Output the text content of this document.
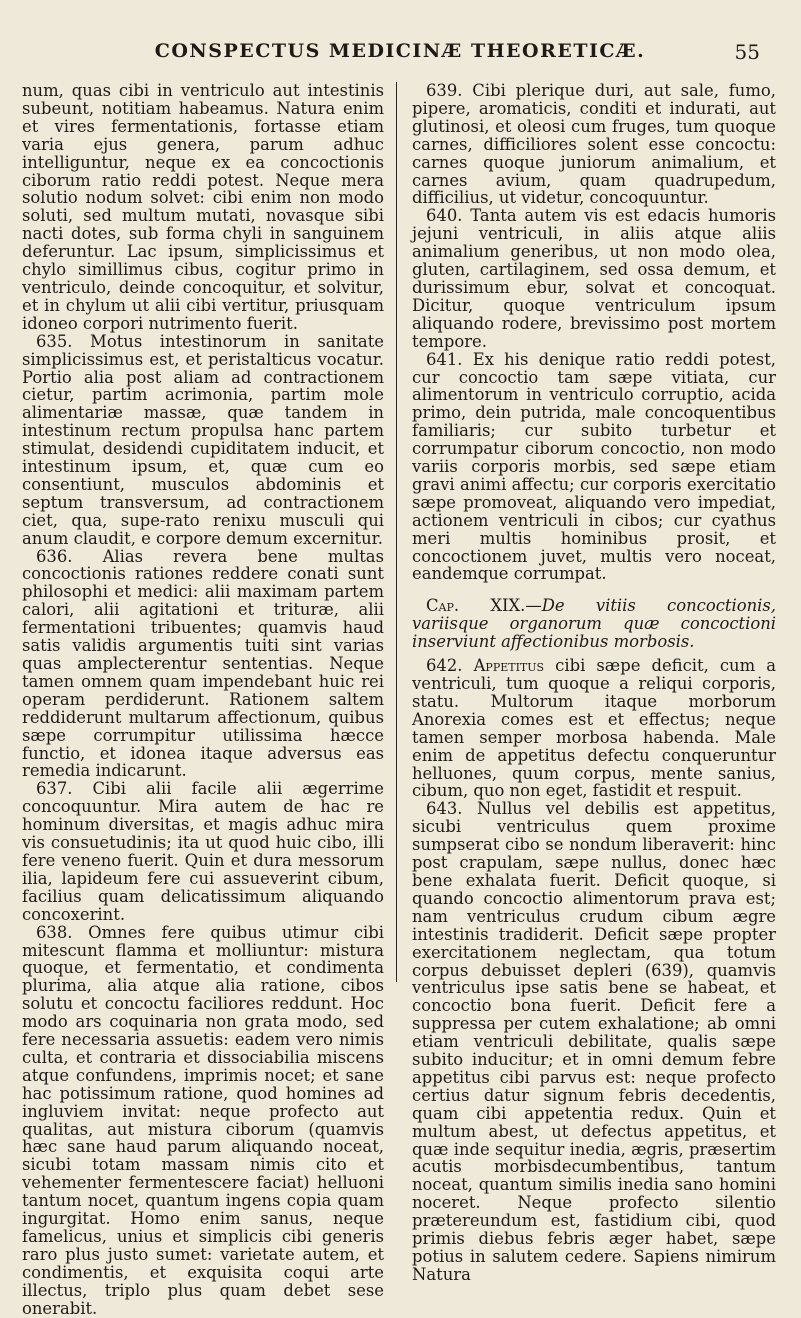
CONSPECTUS MEDICINÆ THEORETICÆ.	55

num, quas cibi in ventriculo aut intestinis subeunt, notitiam habeamus. Natura enim et vires fermentationis, fortasse etiam varia ejus genera, parum adhuc intelliguntur, neque ex ea concoctionis ciborum ratio reddi potest. Neque mera solutio nodum solvet: cibi enim non modo soluti, sed multum mutati, novasque sibi nacti dotes, sub forma chyli in sanguinem deferuntur. Lac ipsum, simplicissimus et chylo simillimus cibus, cogitur primo in ventriculo, deinde concoquitur, et solvitur, et in chylum ut alii cibi vertitur, priusquam idoneo corpori nutrimento fuerit.

635. Motus intestinorum in sanitate simplicissimus est, et peristalticus vocatur. Portio alia post aliam ad contractionem cietur, partim acrimonia, partim mole alimentariæ massæ, quæ tandem in intestinum rectum propulsa hanc partem stimulat, desidendi cupiditatem inducit, et intestinum ipsum, et, quæ cum eo consentiunt, musculos abdominis et septum transversum, ad contractionem ciet, qua, supe-rato renixu musculi qui anum claudit, e corpore demum excernitur.

636. Alias revera bene multas concoctionis rationes reddere conati sunt philosophi et medici: alii maximam partem calori, alii agitationi et trituræ, alii fermentationi tribuentes; quamvis haud satis validis argumentis tuiti sint varias quas amplecterentur sententias. Neque tamen omnem quam impendebant huic rei operam perdiderunt. Rationem saltem reddiderunt multarum affectionum, quibus sæpe corrumpitur utilissima hæcce functio, et idonea itaque adversus eas remedia indicarunt.

637. Cibi alii facile alii ægerrime concoquuntur. Mira autem de hac re hominum diversitas, et magis adhuc mira vis consuetudinis; ita ut quod huic cibo, illi fere veneno fuerit. Quin et dura messorum ilia, lapideum fere cui assueverint cibum, facilius quam delicatissimum aliquando concoxerint.

638. Omnes fere quibus utimur cibi mitescunt flamma et molliuntur: mistura quoque, et fermentatio, et condimenta plurima, alia atque alia ratione, cibos solutu et concoctu faciliores reddunt. Hoc modo ars coquinaria non grata modo, sed fere necessaria assuetis: eadem vero nimis culta, et contraria et dissociabilia miscens atque confundens, imprimis nocet; et sane hac potissimum ratione, quod homines ad ingluviem invitat: neque profecto aut qualitas, aut mistura ciborum (quamvis hæc sane haud parum aliquando noceat, sicubi totam massam nimis cito et vehementer fermentescere faciat) helluoni tantum nocet, quantum ingens copia quam ingurgitat. Homo enim sanus, neque famelicus, unius et simplicis cibi generis raro plus justo sumet: varietate autem, et condimentis, et exquisita coqui arte illectus, triplo plus quam debet sese onerabit.

639. Cibi plerique duri, aut sale, fumo, pipere, aromaticis, conditi et indurati, aut glutinosi, et oleosi cum fruges, tum quoque carnes, difficiliores solent esse concoctu: carnes quoque juniorum animalium, et carnes avium, quam quadrupedum, difficilius, ut videtur, concoquuntur.

640. Tanta autem vis est edacis humoris jejuni ventriculi, in aliis atque aliis animalium generibus, ut non modo olea, gluten, cartilaginem, sed ossa demum, et durissimum ebur, solvat et concoquat. Dicitur, quoque ventriculum ipsum aliquando rodere, brevissimo post mortem tempore.

641. Ex his denique ratio reddi potest, cur concoctio tam sæpe vitiata, cur alimentorum in ventriculo corruptio, acida primo, dein putrida, male concoquentibus familiaris; cur subito turbetur et corrumpatur ciborum concoctio, non modo variis corporis morbis, sed sæpe etiam gravi animi affectu; cur corporis exercitatio sæpe promoveat, aliquando vero impediat, actionem ventriculi in cibos; cur cyathus meri multis hominibus prosit, et concoctionem juvet, multis vero noceat, eandemque corrumpat.

Cap. XIX.—De vitiis concoctionis, variisque organorum quæ concoctioni inserviunt affectionibus morbosis.

642. Appetitus cibi sæpe deficit, cum a ventriculi, tum quoque a reliqui corporis, statu. Multorum itaque morborum Anorexia comes est et effectus; neque tamen semper morbosa habenda. Male enim de appetitus defectu conqueruntur helluones, quum corpus, mente sanius, cibum, quo non eget, fastidit et respuit.

643. Nullus vel debilis est appetitus, sicubi ventriculus quem proxime sumpserat cibo se nondum liberaverit: hinc post crapulam, sæpe nullus, donec hæc bene exhalata fuerit. Deficit quoque, si quando concoctio alimentorum prava est; nam ventriculus crudum cibum ægre intestinis tradiderit. Deficit sæpe propter exercitationem neglectam, qua totum corpus debuisset depleri (639), quamvis ventriculus ipse satis bene se habeat, et concoctio bona fuerit. Deficit fere a suppressa per cutem exhalatione; ab omni etiam ventriculi debilitate, qualis sæpe subito inducitur; et in omni demum febre appetitus cibi parvus est: neque profecto certius datur signum febris decedentis, quam cibi appetentia redux. Quin et multum abest, ut defectus appetitus, et quæ inde sequitur inedia, ægris, præsertim acutis morbisdecumbentibus, tantum noceat, quantum similis inedia sano homini noceret. Neque profecto silentio prætereundum est, fastidium cibi, quod primis diebus febris æger habet, sæpe potius in salutem cedere. Sapiens nimirum Natura
